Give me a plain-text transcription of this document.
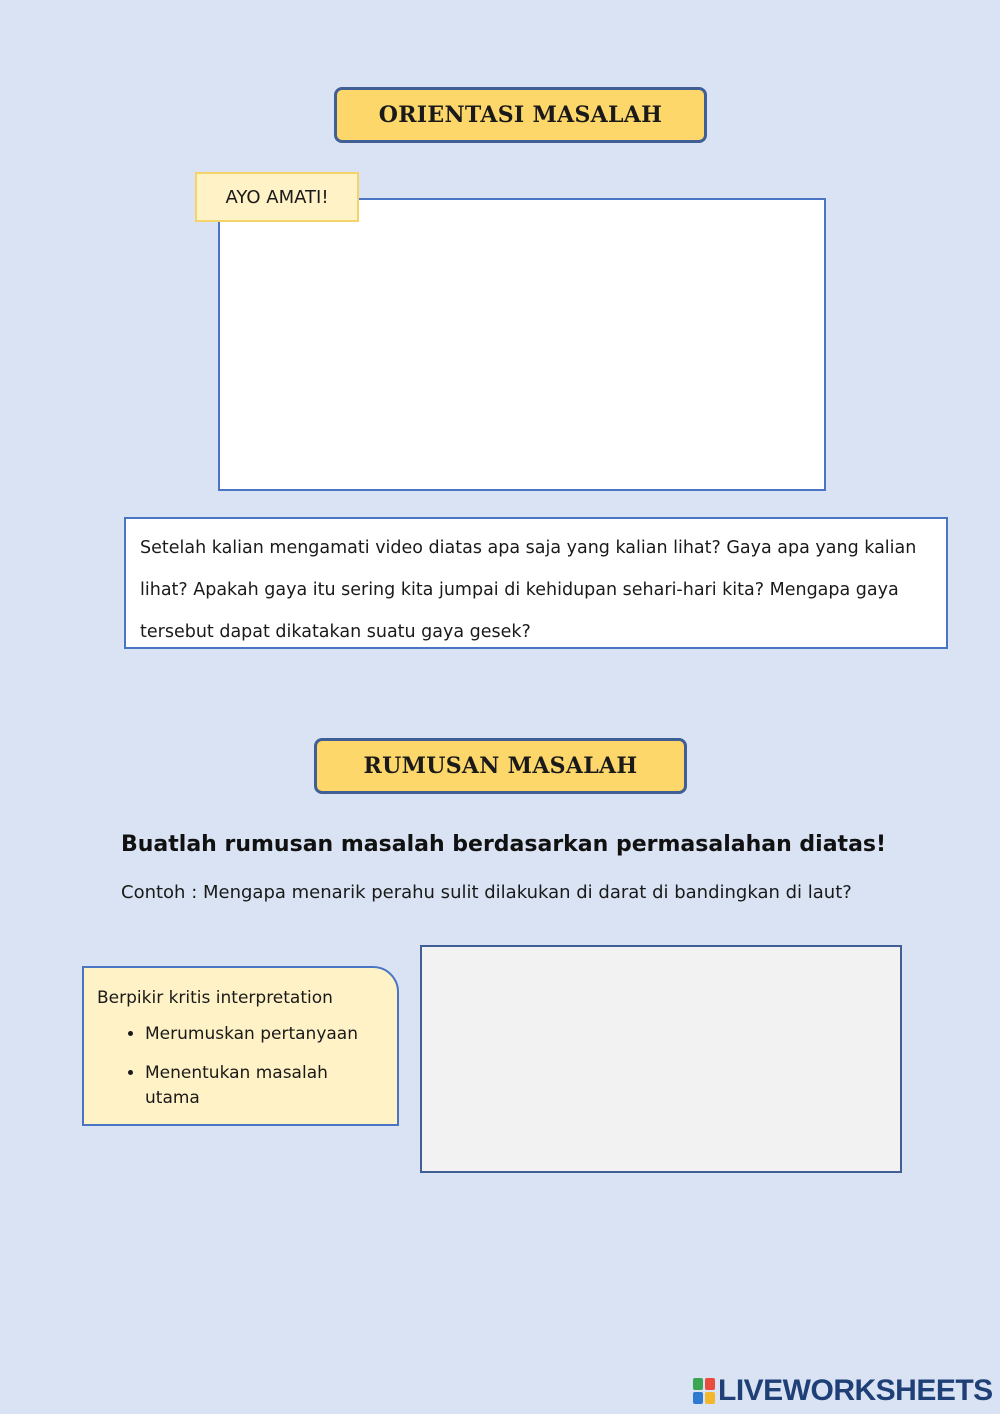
ORIENTASI MASALAH
AYO AMATI!
Setelah kalian mengamati video diatas apa saja yang kalian lihat? Gaya apa yang kalian lihat? Apakah gaya itu sering kita jumpai di kehidupan sehari-hari kita? Mengapa gaya tersebut dapat dikatakan suatu gaya gesek?
RUMUSAN MASALAH
Buatlah rumusan masalah berdasarkan permasalahan diatas!
Contoh : Mengapa menarik perahu sulit dilakukan di darat di bandingkan di laut?

Berpikir kritis interpretation

• Merumuskan pertanyaan
• Menentukan masalah utama
LIVEWORKSHEETS
